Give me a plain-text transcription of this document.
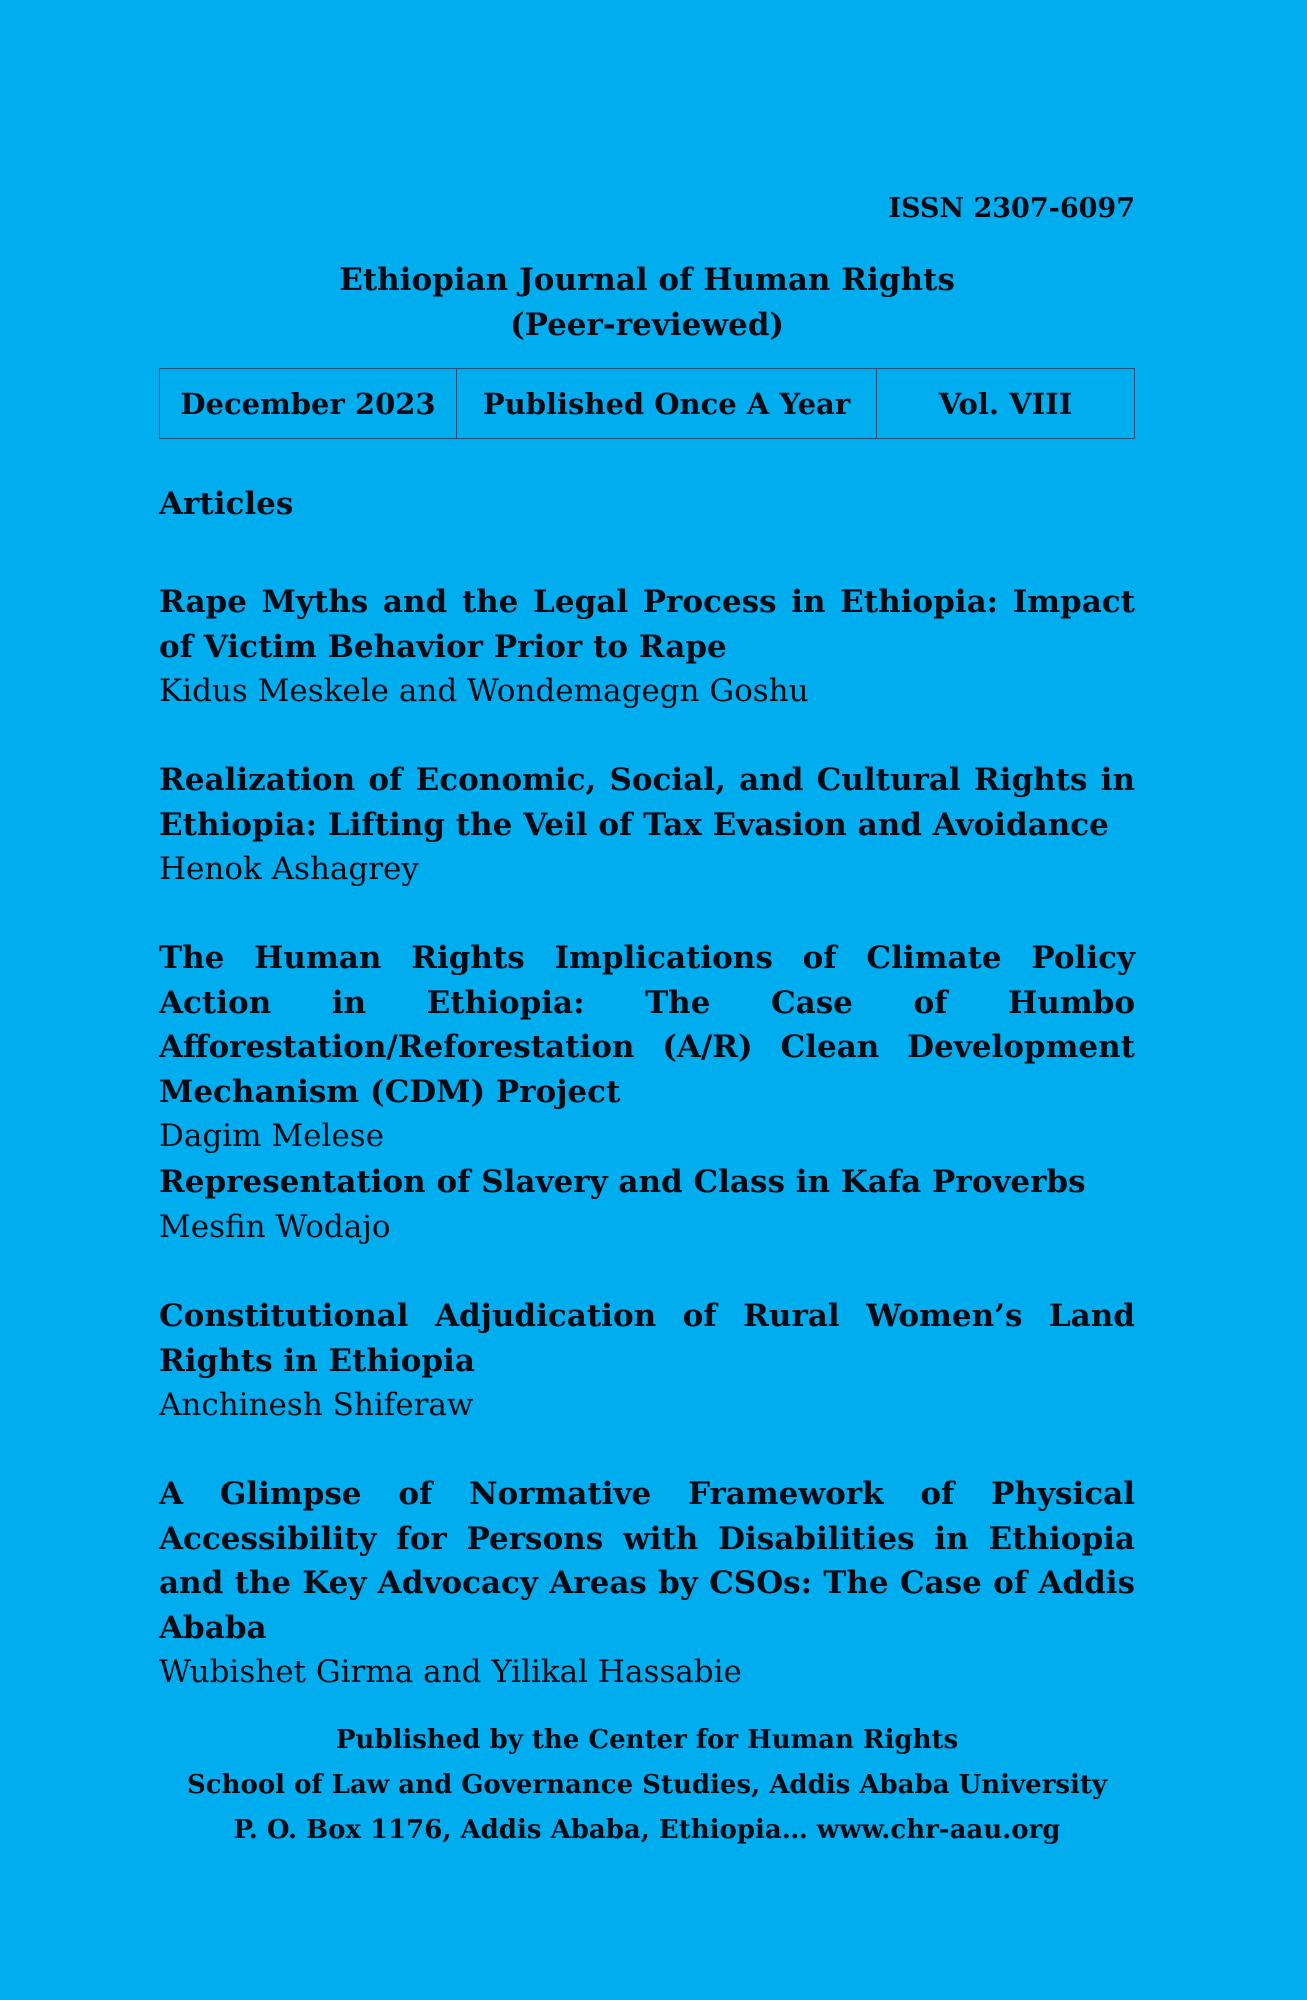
ISSN 2307-6097
Ethiopian Journal of Human Rights
(Peer-reviewed)
December 2023	Published Once A Year	Vol. VIII
Articles
Rape Myths and the Legal Process in Ethiopia: Impact of Victim Behavior Prior to Rape
Kidus Meskele and Wondemagegn Goshu
Realization of Economic, Social, and Cultural Rights in Ethiopia: Lifting the Veil of Tax Evasion and Avoidance
Henok Ashagrey
The Human Rights Implications of Climate Policy Action in Ethiopia: The Case of Humbo Afforestation/Reforestation (A/R) Clean Development Mechanism (CDM) Project
Dagim Melese
Representation of Slavery and Class in Kafa Proverbs
Mesfin Wodajo
Constitutional Adjudication of Rural Women’s Land Rights in Ethiopia
Anchinesh Shiferaw
A Glimpse of Normative Framework of Physical Accessibility for Persons with Disabilities in Ethiopia and the Key Advocacy Areas by CSOs: The Case of Addis Ababa
Wubishet Girma and Yilikal Hassabie
Published by the Center for Human Rights
School of Law and Governance Studies, Addis Ababa University
P. O. Box 1176, Addis Ababa, Ethiopia… www.chr-aau.org
